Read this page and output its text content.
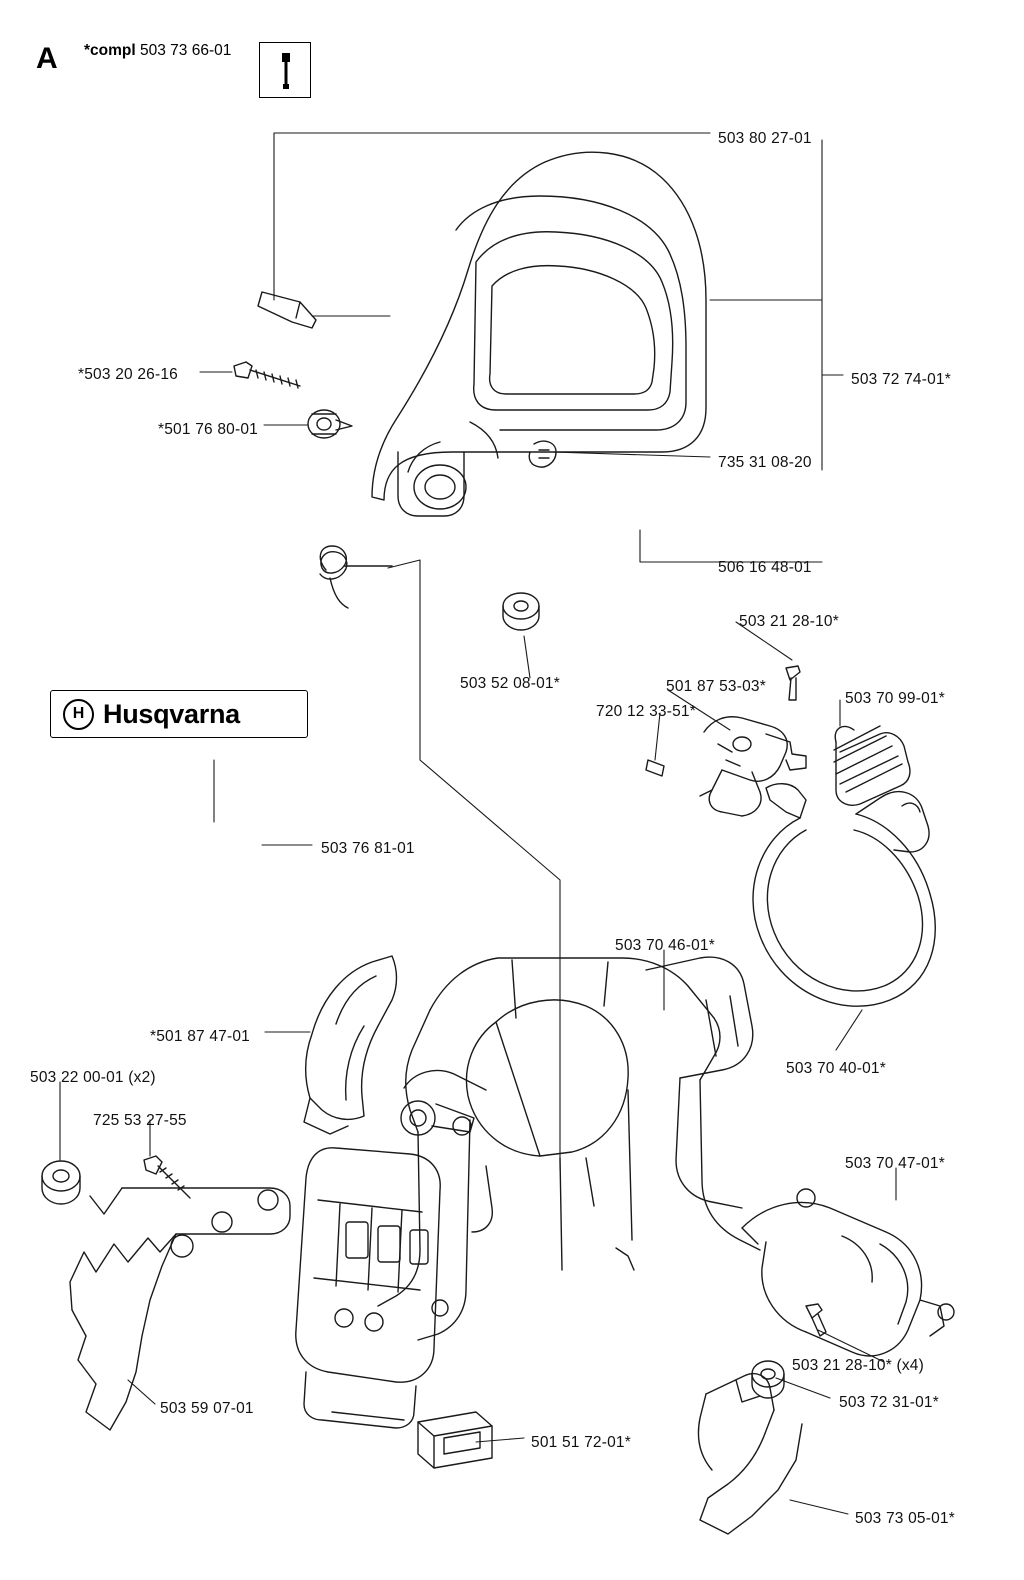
A *compl 503 73 66-01
H Husqvarna
503 80 27-01
503 72 74-01*
*503 20 26-16
*501 76 80-01
735 31 08-20
506 16 48-01
503 52 08-01*
503 21 28-10*
501 87 53-03*
720 12 33-51*
503 70 99-01*
503 76 81-01
503 70 46-01*
503 70 40-01*
*501 87 47-01
503 22 00-01 (x2)
725 53 27-55
503 70 47-01*
503 21 28-10* (x4)
503 72 31-01*
503 59 07-01
501 51 72-01*
503 73 05-01*
